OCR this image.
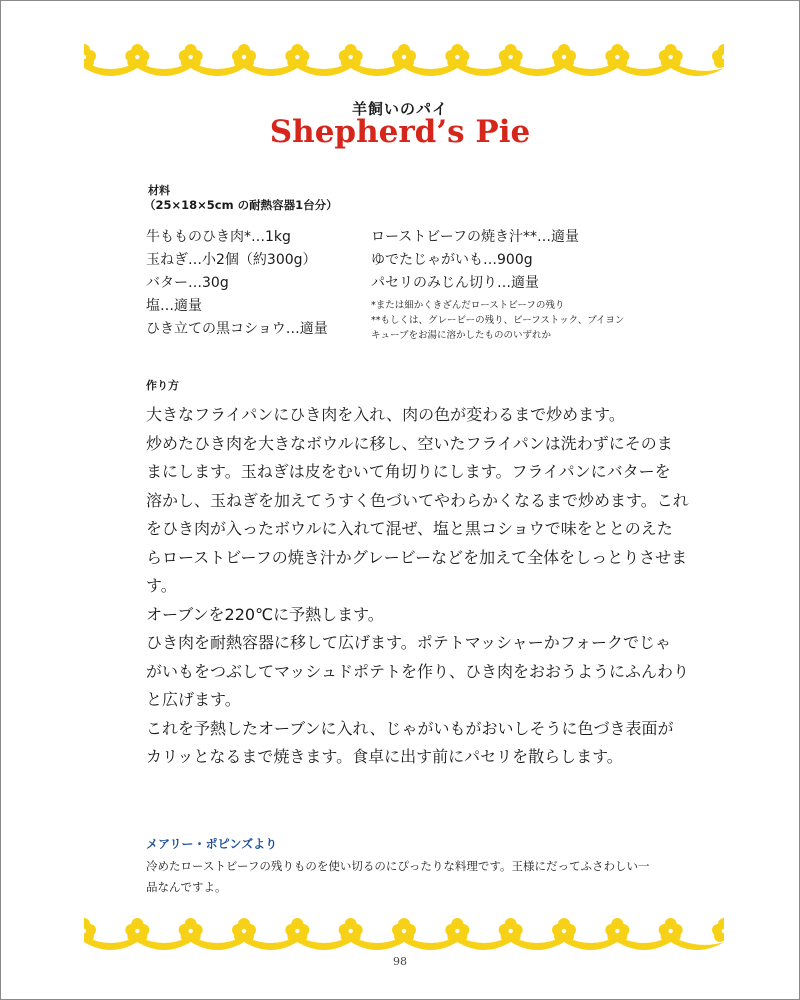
羊飼いのパイ
Shepherd’s Pie
材料
（25×18×5cm の耐熱容器1台分）
牛もものひき肉*…1kg
玉ねぎ…小2個（約300g）
バター…30g
塩…適量
ひき立ての黒コショウ…適量
ローストビーフの焼き汁**…適量
ゆでたじゃがいも…900g
パセリのみじん切り…適量
*または細かくきざんだローストビーフの残り
**もしくは、グレービーの残り、ビーフストック、ブイヨン
キューブをお湯に溶かしたもののいずれか
作り方
大きなフライパンにひき肉を入れ、肉の色が変わるまで炒めます。
炒めたひき肉を大きなボウルに移し、空いたフライパンは洗わずにそのま
まにします。玉ねぎは皮をむいて角切りにします。フライパンにバターを
溶かし、玉ねぎを加えてうすく色づいてやわらかくなるまで炒めます。これ
をひき肉が入ったボウルに入れて混ぜ、塩と黒コショウで味をととのえた
らローストビーフの焼き汁かグレービーなどを加えて全体をしっとりさせま
す。
オーブンを220℃に予熱します。
ひき肉を耐熱容器に移して広げます。ポテトマッシャーかフォークでじゃ
がいもをつぶしてマッシュドポテトを作り、ひき肉をおおうようにふんわり
と広げます。
これを予熱したオーブンに入れ、じゃがいもがおいしそうに色づき表面が
カリッとなるまで焼きます。食卓に出す前にパセリを散らします。
メアリー・ポピンズより
冷めたローストビーフの残りものを使い切るのにぴったりな料理です。王様にだってふさわしい一
品なんですよ。
98
